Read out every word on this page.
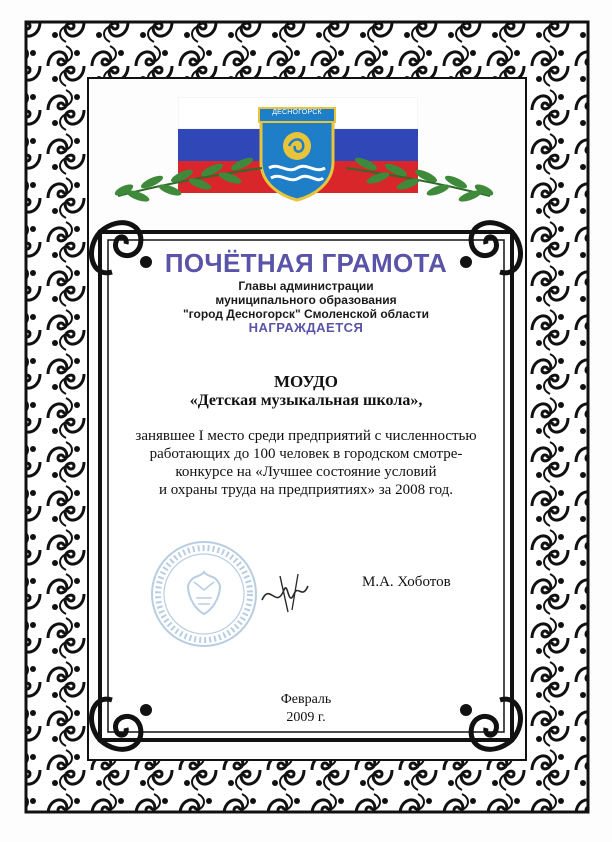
ДЕСНОГОРСК
ПОЧЁТНАЯ ГРАМОТА
Главы администрации
муниципального образования
"город Десногорск" Смоленской области
НАГРАЖДАЕТСЯ
МОУДО
«Детская музыкальная школа»,
занявшее I место среди предприятий с численностью
работающих до 100 человек в городском смотре-
конкурсе на «Лучшее состояние условий
и охраны труда на предприятиях» за 2008 год.
М.А. Хоботов
Февраль
2009 г.
